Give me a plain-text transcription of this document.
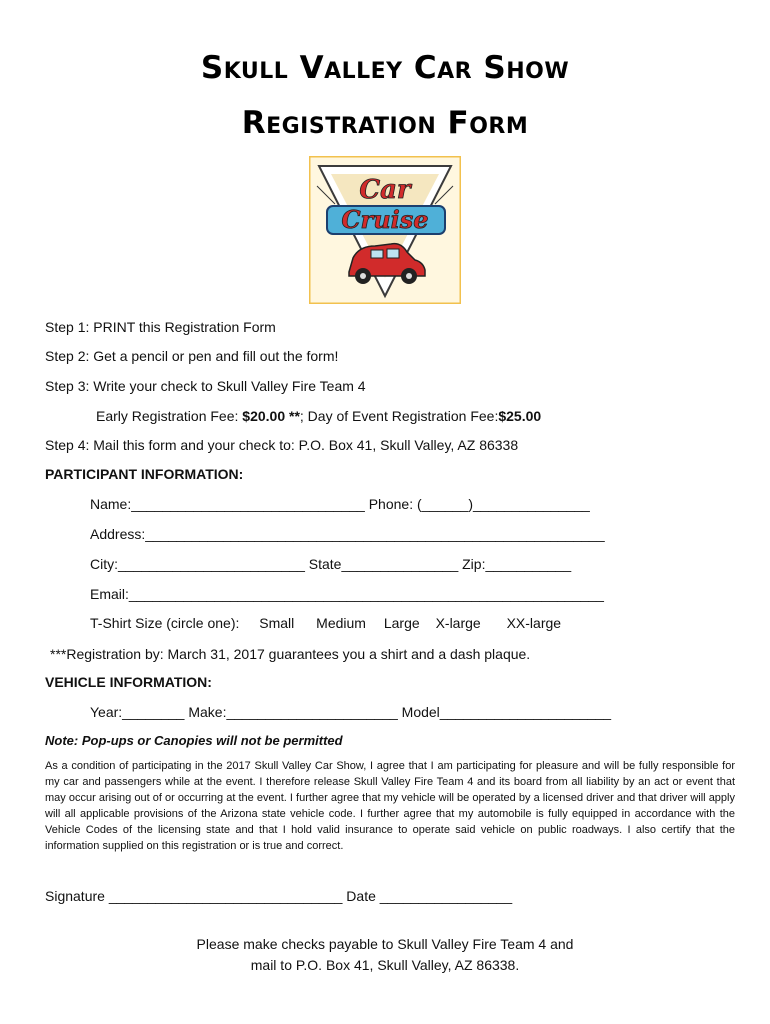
Skull Valley Car Show
Registration Form
Car
Cruise
Step 1: PRINT this Registration Form
Step 2: Get a pencil or pen and fill out the form!
Step 3: Write your check to Skull Valley Fire Team 4
Early Registration Fee: $20.00 **; Day of Event Registration Fee:$25.00
Step 4: Mail this form and your check to: P.O. Box 41, Skull Valley, AZ 86338
PARTICIPANT INFORMATION:
Name:______________________________ Phone: (______)_______________
Address:___________________________________________________________
City:________________________ State_______________ Zip:___________
Email:_____________________________________________________________
T-Shirt Size (circle one): Small Medium Large X-large XX-large
***Registration by: March 31, 2017 guarantees you a shirt and a dash plaque.
VEHICLE INFORMATION:
Year:________ Make:______________________ Model______________________
Note: Pop-ups or Canopies will not be permitted
As a condition of participating in the 2017 Skull Valley Car Show, I agree that I am participating for pleasure and will be fully responsible for my car and passengers while at the event. I therefore release Skull Valley Fire Team 4 and its board from all liability by an act or event that may occur arising out of or occurring at the event. I further agree that my vehicle will be operated by a licensed driver and that driver will apply will all applicable provisions of the Arizona state vehicle code. I further agree that my automobile is fully equipped in accordance with the Vehicle Codes of the licensing state and that I hold valid insurance to operate said vehicle on public roadways. I also certify that the information supplied on this registration or is true and correct.
Signature ______________________________ Date _________________
Please make checks payable to Skull Valley Fire Team 4 and
mail to P.O. Box 41, Skull Valley, AZ 86338.
